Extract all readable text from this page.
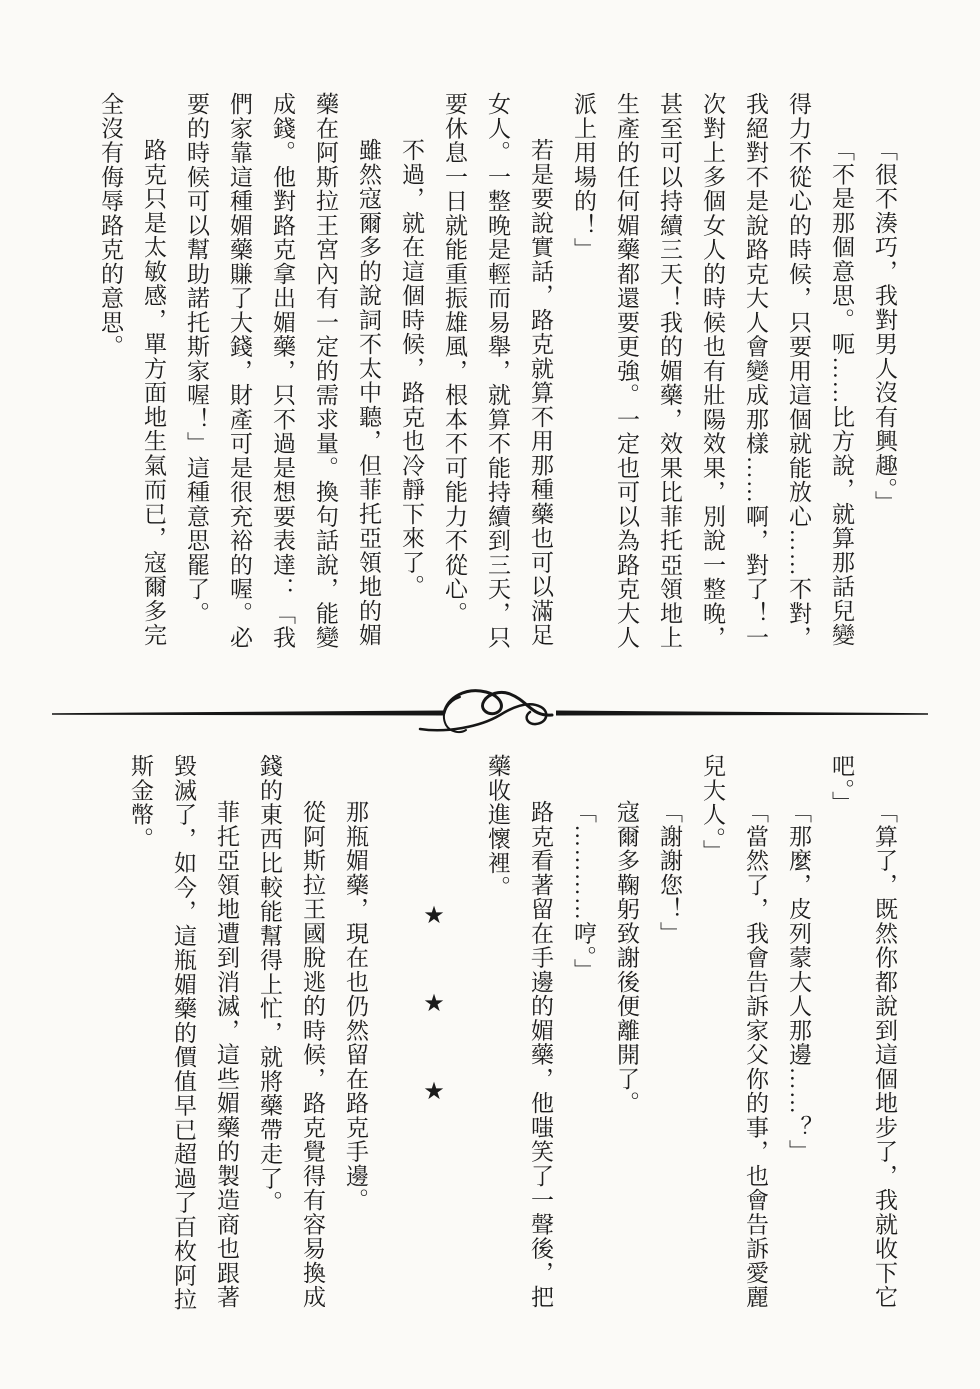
「很不湊巧，我對男人沒有興趣。」

「不是那個意思。呃……比方說，就算那話兒變得力不從心的時候，只要用這個就能放心……不對，我絕對不是說路克大人會變成那樣……啊，對了！一次對上多個女人的時候也有壯陽效果，別說一整晚，甚至可以持續三天！我的媚藥，效果比菲托亞領地上生產的任何媚藥都還要更強。一定也可以為路克大人派上用場的！」

若是要說實話，路克就算不用那種藥也可以滿足女人。一整晚是輕而易舉，就算不能持續到三天，只要休息一日就能重振雄風，根本不可能力不從心。

不過，就在這個時候，路克也冷靜下來了。

雖然寇爾多的說詞不太中聽，但菲托亞領地的媚藥在阿斯拉王宮內有一定的需求量。換句話說，能變成錢。他對路克拿出媚藥，只不過是想要表達：「我們家靠這種媚藥賺了大錢，財產可是很充裕的喔。必要的時候可以幫助諾托斯家喔！」這種意思罷了。

路克只是太敏感，單方面地生氣而已，寇爾多完全沒有侮辱路克的意思。

「算了，既然你都說到這個地步了，我就收下它吧。」

「那麼，皮列蒙大人那邊……？」

「當然了，我會告訴家父你的事，也會告訴愛麗兒大人。」

「謝謝您！」

寇爾多鞠躬致謝後便離開了。

「…………哼。」

路克看著留在手邊的媚藥，他嗤笑了一聲後，把藥收進懷裡。

★★★

那瓶媚藥，現在也仍然留在路克手邊。

從阿斯拉王國脫逃的時候，路克覺得有容易換成錢的東西比較能幫得上忙，就將藥帶走了。

菲托亞領地遭到消滅，這些媚藥的製造商也跟著毀滅了，如今，這瓶媚藥的價值早已超過了百枚阿拉斯金幣。
